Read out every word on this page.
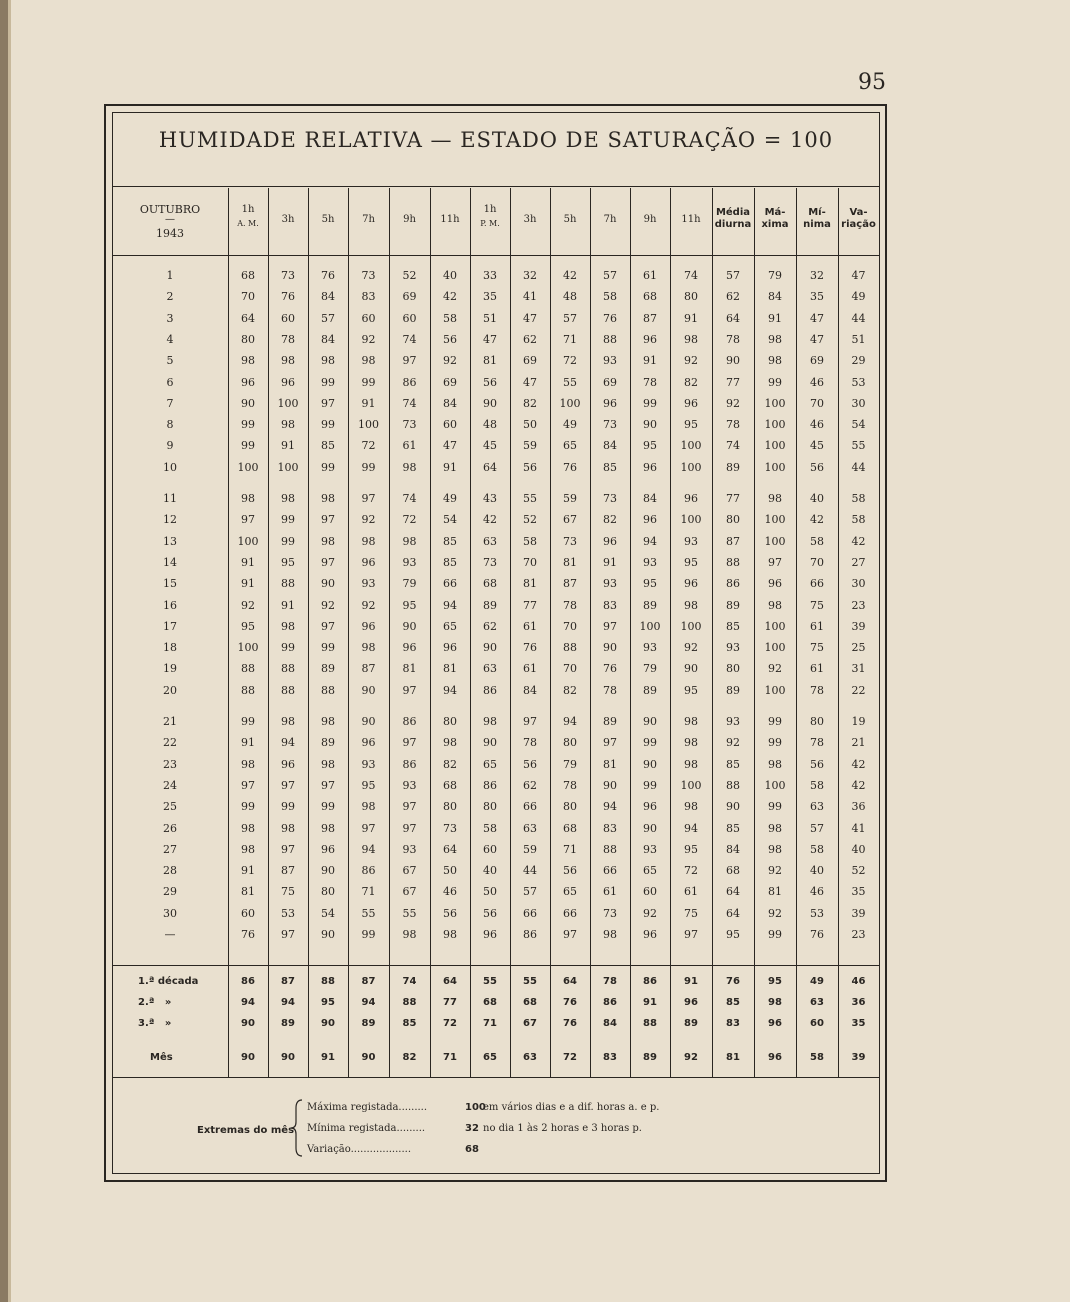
95
HUMIDADE RELATIVA — ESTADO DE SATURAÇÃO = 100
OUTUBRO
—
1943
1h
A. M.	3h	5h	7h	9h	11h
1h
P. M.	3h	5h	7h	9h	11h
Média
diurna
Má-
xima
Mí-
nima
Va-
riação
1	68	73	76	73	52	40	33	32	42	57	61	74	57	79	32	47
2	70	76	84	83	69	42	35	41	48	58	68	80	62	84	35	49
3	64	60	57	60	60	58	51	47	57	76	87	91	64	91	47	44
4	80	78	84	92	74	56	47	62	71	88	96	98	78	98	47	51
5	98	98	98	98	97	92	81	69	72	93	91	92	90	98	69	29
6	96	96	99	99	86	69	56	47	55	69	78	82	77	99	46	53
7	90	100	97	91	74	84	90	82	100	96	99	96	92	100	70	30
8	99	98	99	100	73	60	48	50	49	73	90	95	78	100	46	54
9	99	91	85	72	61	47	45	59	65	84	95	100	74	100	45	55
10	100	100	99	99	98	91	64	56	76	85	96	100	89	100	56	44
11	98	98	98	97	74	49	43	55	59	73	84	96	77	98	40	58
12	97	99	97	92	72	54	42	52	67	82	96	100	80	100	42	58
13	100	99	98	98	98	85	63	58	73	96	94	93	87	100	58	42
14	91	95	97	96	93	85	73	70	81	91	93	95	88	97	70	27
15	91	88	90	93	79	66	68	81	87	93	95	96	86	96	66	30
16	92	91	92	92	95	94	89	77	78	83	89	98	89	98	75	23
17	95	98	97	96	90	65	62	61	70	97	100	100	85	100	61	39
18	100	99	99	98	96	96	90	76	88	90	93	92	93	100	75	25
19	88	88	89	87	81	81	63	61	70	76	79	90	80	92	61	31
20	88	88	88	90	97	94	86	84	82	78	89	95	89	100	78	22
21	99	98	98	90	86	80	98	97	94	89	90	98	93	99	80	19
22	91	94	89	96	97	98	90	78	80	97	99	98	92	99	78	21
23	98	96	98	93	86	82	65	56	79	81	90	98	85	98	56	42
24	97	97	97	95	93	68	86	62	78	90	99	100	88	100	58	42
25	99	99	99	98	97	80	80	66	80	94	96	98	90	99	63	36
26	98	98	98	97	97	73	58	63	68	83	90	94	85	98	57	41
27	98	97	96	94	93	64	60	59	71	88	93	95	84	98	58	40
28	91	87	90	86	67	50	40	44	56	66	65	72	68	92	40	52
29	81	75	80	71	67	46	50	57	65	61	60	61	64	81	46	35
30	60	53	54	55	55	56	56	66	66	73	92	75	64	92	53	39
—	76	97	90	99	98	98	96	86	97	98	96	97	95	99	76	23
1.ª década	86	87	88	87	74	64	55	55	64	78	86	91	76	95	49	46
2.ª   »	94	94	95	94	88	77	68	68	76	86	91	96	85	98	63	36
3.ª   »	90	89	90	89	85	72	71	67	76	84	88	89	83	96	60	35
Mês	90	90	91	90	82	71	65	63	72	83	89	92	81	96	58	39
Extremas do mês
Máxima registada.........	100
em vários dias e a dif. horas a. e p.
Mínima registada.........	32 no dia 1 às 2 horas e 3 horas p.
Variação...................	68
